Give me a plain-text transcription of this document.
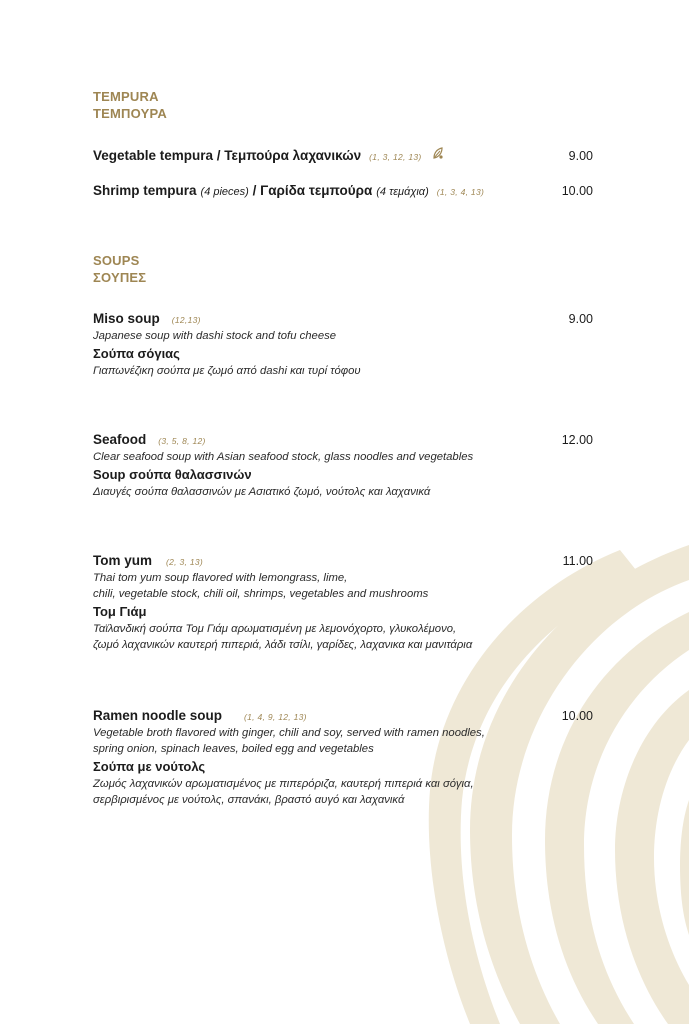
TEMPURA
ΤΕΜΠΟΥΡΑ
Vegetable tempura / Τεμπούρα λαχανικών (1, 3, 12, 13)	9.00
Shrimp tempura (4 pieces) / Γαρίδα τεμπούρα (4 τεμάχια) (1, 3, 4, 13)	10.00
SOUPS
ΣΟΥΠΕΣ
Miso soup (12,13)	9.00
Japanese soup with dashi stock and tofu cheese
Σούπα σόγιας
Γιαπωνέζικη σούπα με ζωμό από dashi και τυρί τόφου
Seafood (3, 5, 8, 12)	12.00
Clear seafood soup with Asian seafood stock, glass noodles and vegetables
Soup σούπα θαλασσινών
Διαυγές σούπα θαλασσινών με Ασιατικό ζωμό, νούτολς και λαχανικά
Tom yum (2, 3, 13)	11.00
Thai tom yum soup flavored with lemongrass, lime,
chili, vegetable stock, chili oil, shrimps, vegetables and mushrooms
Τομ Γιάμ
Ταϊλανδική σούπα Τομ Γιάμ αρωματισμένη με λεμονόχορτο, γλυκολέμονο,
ζωμό λαχανικών καυτερή πιπεριά, λάδι τσίλι, γαρίδες, λαχανικα και μανιτάρια
Ramen noodle soup	(1, 4, 9, 12, 13)	10.00
Vegetable broth flavored with ginger, chili and soy, served with ramen noodles,
spring onion, spinach leaves, boiled egg and vegetables
Σούπα με νούτολς
Ζωμός λαχανικών αρωματισμένος με πιπερόριζα, καυτερή πιπεριά και σόγια,
σερβιρισμένος με νούτολς, σπανάκι, βραστό αυγό και λαχανικά
